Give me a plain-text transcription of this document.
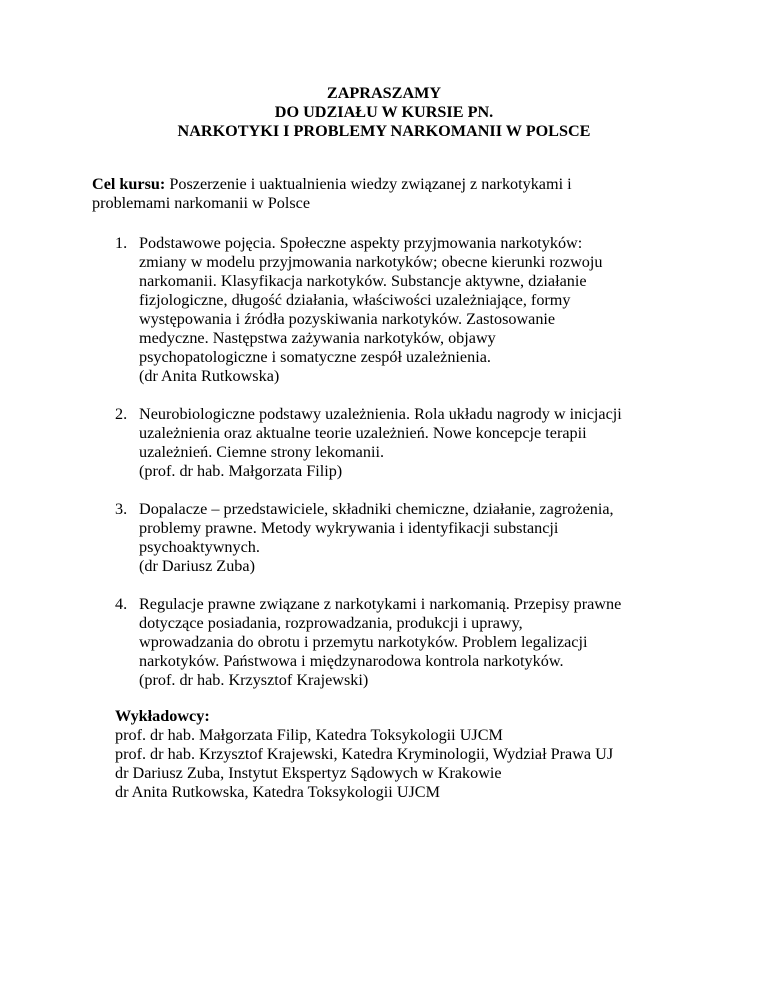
ZAPRASZAMY
DO UDZIAŁU W KURSIE PN.
NARKOTYKI I PROBLEMY NARKOMANII W POLSCE
Cel kursu: Poszerzenie i uaktualnienia wiedzy związanej z narkotykami i
problemami narkomanii w Polsce
1. Podstawowe pojęcia. Społeczne aspekty przyjmowania narkotyków:
zmiany w modelu przyjmowania narkotyków; obecne kierunki rozwoju
narkomanii. Klasyfikacja narkotyków. Substancje aktywne, działanie
fizjologiczne, długość działania, właściwości uzależniające, formy
występowania i źródła pozyskiwania narkotyków. Zastosowanie
medyczne. Następstwa zażywania narkotyków, objawy
psychopatologiczne i somatyczne zespół uzależnienia.
(dr Anita Rutkowska)
2. Neurobiologiczne podstawy uzależnienia. Rola układu nagrody w inicjacji
uzależnienia oraz aktualne teorie uzależnień. Nowe koncepcje terapii
uzależnień. Ciemne strony lekomanii.
(prof. dr hab. Małgorzata Filip)
3. Dopalacze – przedstawiciele, składniki chemiczne, działanie, zagrożenia,
problemy prawne. Metody wykrywania i identyfikacji substancji
psychoaktywnych.
(dr Dariusz Zuba)
4. Regulacje prawne związane z narkotykami i narkomanią. Przepisy prawne
dotyczące posiadania, rozprowadzania, produkcji i uprawy,
wprowadzania do obrotu i przemytu narkotyków. Problem legalizacji
narkotyków. Państwowa i międzynarodowa kontrola narkotyków.
(prof. dr hab. Krzysztof Krajewski)
Wykładowcy:
prof. dr hab. Małgorzata Filip, Katedra Toksykologii UJCM
prof. dr hab. Krzysztof Krajewski, Katedra Kryminologii, Wydział Prawa UJ
dr Dariusz Zuba, Instytut Ekspertyz Sądowych w Krakowie
dr Anita Rutkowska, Katedra Toksykologii UJCM
